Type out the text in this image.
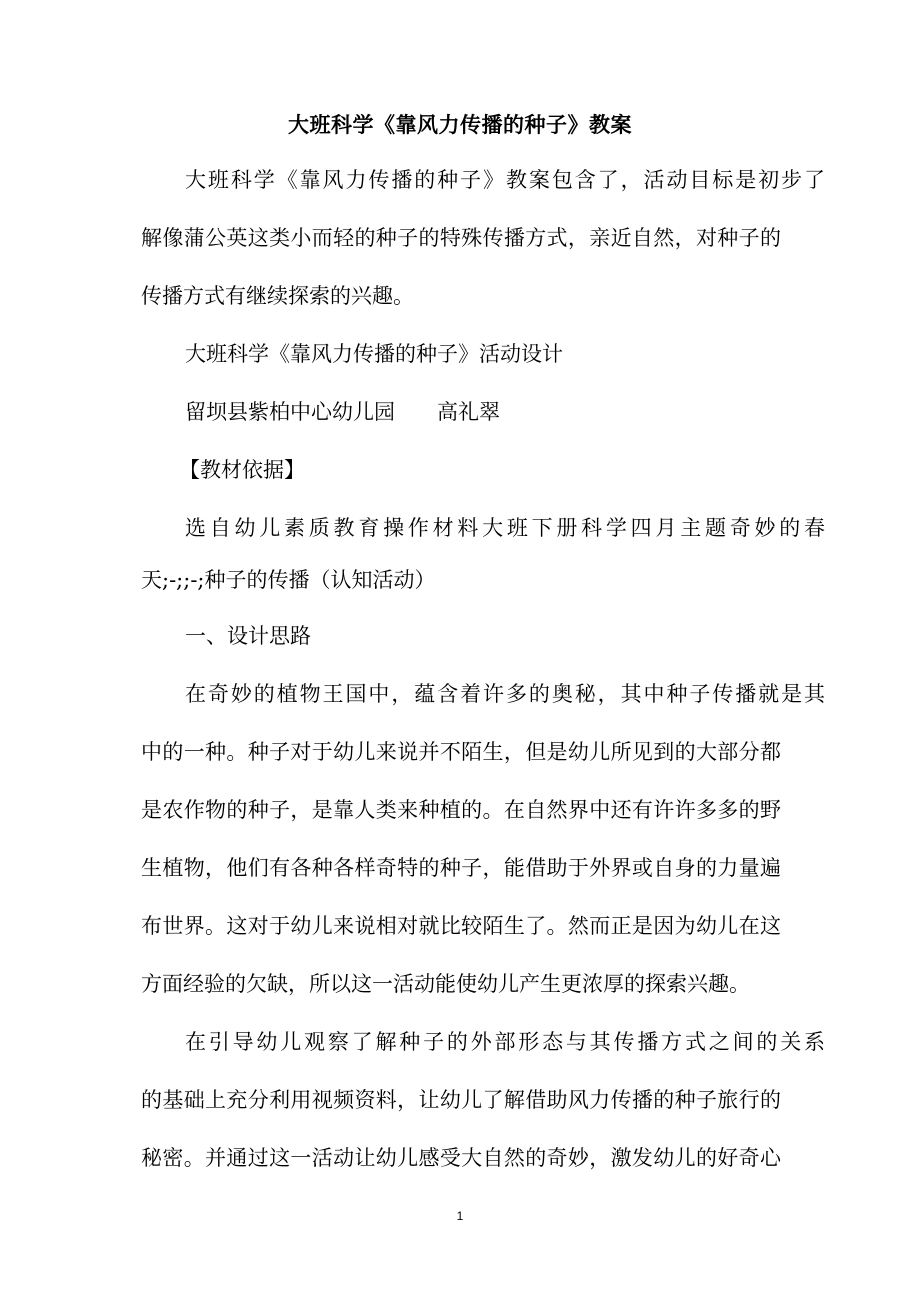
大班科学《靠风力传播的种子》教案
大班科学《靠风力传播的种子》教案包含了，活动目标是初步了
解像蒲公英这类小而轻的种子的特殊传播方式，亲近自然，对种子的
传播方式有继续探索的兴趣。
大班科学《靠风力传播的种子》活动设计
留坝县紫柏中心幼儿园 高礼翠
【教材依据】
选自幼儿素质教育操作材料大班下册科学四月主题奇妙的春
天;-;;-;种子的传播（认知活动）
一、设计思路
在奇妙的植物王国中，蕴含着许多的奥秘，其中种子传播就是其
中的一种。种子对于幼儿来说并不陌生，但是幼儿所见到的大部分都
是农作物的种子，是靠人类来种植的。在自然界中还有许许多多的野
生植物，他们有各种各样奇特的种子，能借助于外界或自身的力量遍
布世界。这对于幼儿来说相对就比较陌生了。然而正是因为幼儿在这
方面经验的欠缺，所以这一活动能使幼儿产生更浓厚的探索兴趣。
在引导幼儿观察了解种子的外部形态与其传播方式之间的关系
的基础上充分利用视频资料，让幼儿了解借助风力传播的种子旅行的
秘密。并通过这一活动让幼儿感受大自然的奇妙，激发幼儿的好奇心
1
